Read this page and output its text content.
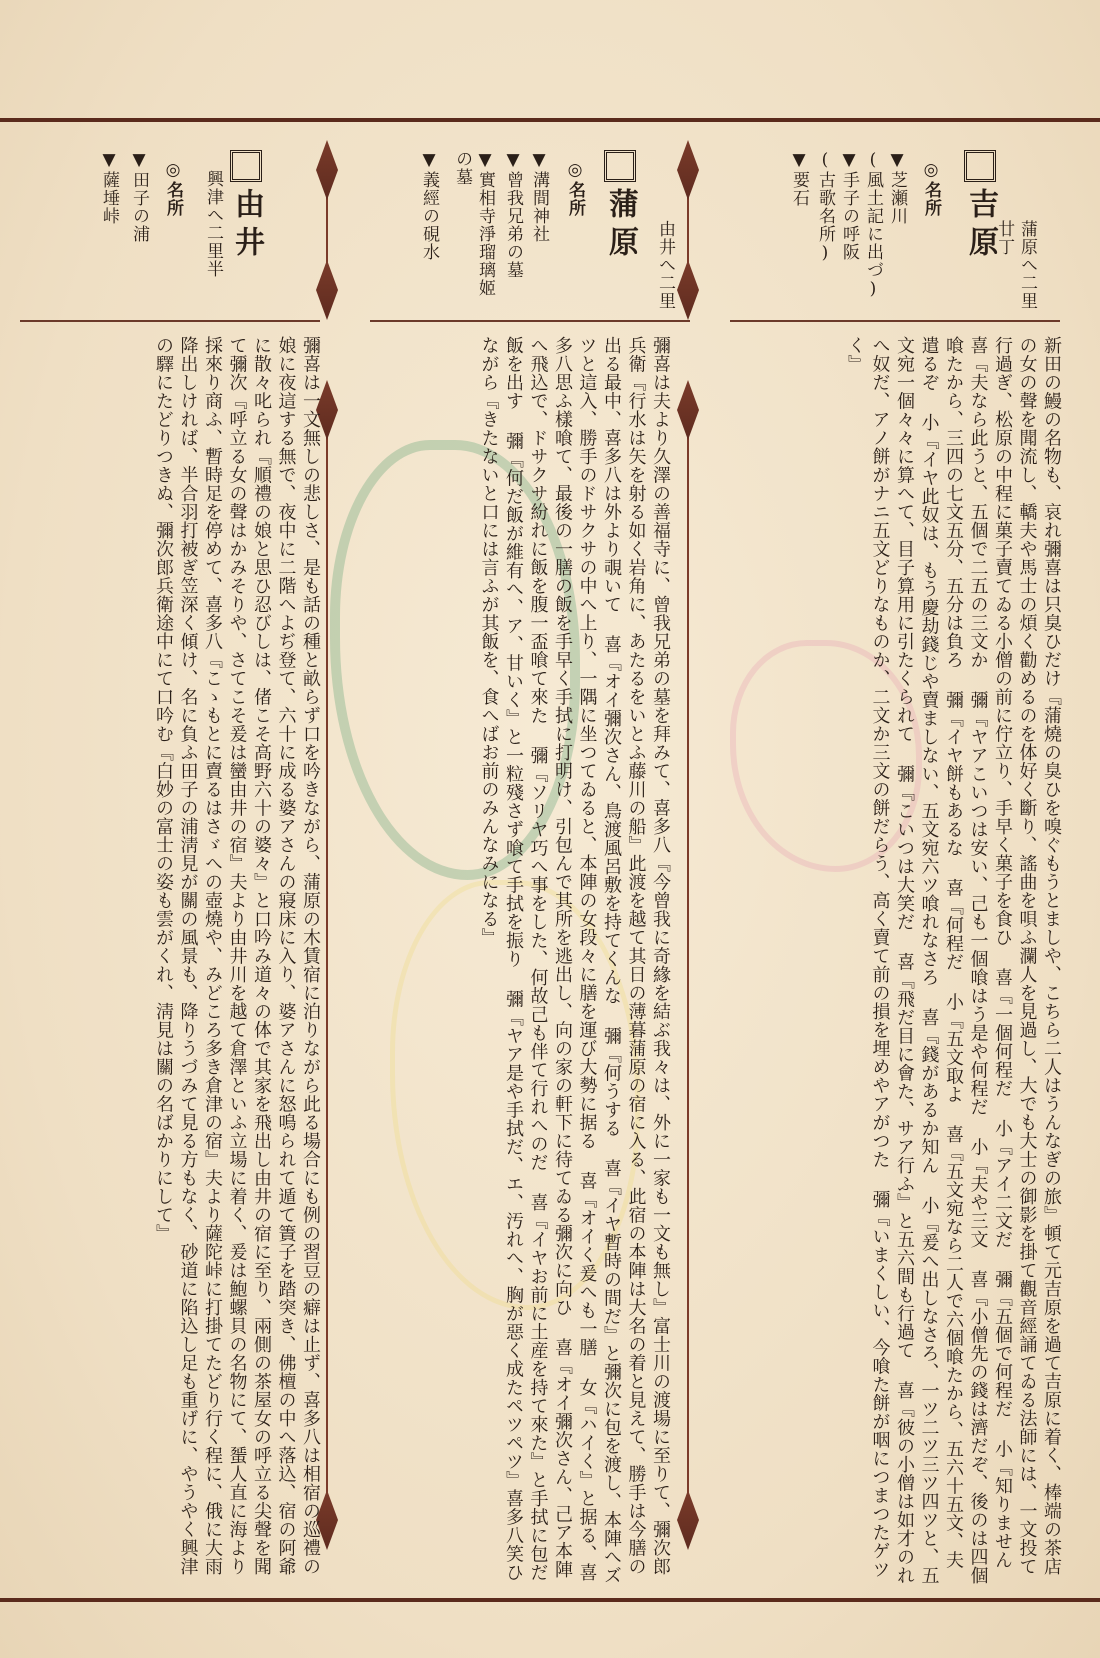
吉原	蒲原へ二里廿丁
◎名所
▼芝瀬川
(風土記に出づ)
▼手子の呼阪
(古歌名所)
▼要石

新田の鰻の名物も、哀れ彌喜は只臭ひだけ『蒲燒の臭ひを嗅ぐもうとましや、こちら二人はうんなぎの旅』頓て元吉原を過て吉原に着く、棒端の茶店の女の聲を聞流し、轎夫や馬士の煩く勸めるのを体好く斷り、謠曲を唄ふ瀾人を見過し、大でも大士の御影を掛て觀音經誦てゐる法師には、一文投て行過ぎ、松原の中程に菓子賣てゐる小僧の前に佇立り、手早く菓子を食ひ 喜『一個何程だ 小『アイ二文だ 彌『五個で何程だ 小『知りません 喜『夫なら此うと、五個で二五の三文か 彌『ヤアこいつは安い、己も一個喰はう是や何程だ 小『夫や三文 喜『小僧先の錢は濟だぞ、後のは四個喰たから、三四の七文五分、五分は負ろ 彌『イヤ餅もあるな 喜『何程だ 小『五文取よ 喜『五文宛なら二人で六個喰たから、五六十五文、夫遣るぞ 小『イヤ此奴は、もう慶劫錢じや賣ましない、五文宛六ツ喰れなさろ 喜『錢があるか知ん 小『爰へ出しなさろ、一ツ二ツ三ツ四ツと、五文宛一個々々に算へて、目子算用に引たくられて 彌『こいつは大笑だ 喜『飛だ目に會た、サア行ふ』と五六間も行過て 喜『彼の小僧は如才のれへ奴だ、アノ餅がナニ五文どりなものか、二文か三文の餅だらう、高く賣て前の損を埋めやアがつた 彌『いまくしい、今喰た餅が咽につまつたゲツく』

蒲原 由井へ二里
◎名所
▼溝間神社
▼曾我兄弟の墓
▼實相寺淨瑠璃姬の墓
▼義經の硯水

彌喜は夫より久澤の善福寺に、曾我兄弟の墓を拜みて、喜多八『今曾我に奇緣を結ぶ我々は、外に一家も一文も無し』富士川の渡場に至りて、彌次郎兵衛『行水は矢を射る如く岩角に、あたるをいとふ藤川の船』此渡を越て其日の薄暮蒲原の宿に入る、此宿の本陣は大名の着と見えて、勝手は今膳の出る最中、喜多八は外より覗いて 喜『オイ彌次さん、鳥渡風呂敷を持てくんな 彌『何うする 喜『イヤ暫時の間だ』と彌次に包を渡し、本陣へズツと這入、勝手のドサクサの中へ上り、一隅に坐つてゐると、本陣の女段々に膳を運び大勢に据る 喜『オイく爰へも一膳 女『ハイく』と据る、喜多八思ふ樣喰て、最後の一膳の飯を手早く手拭に打明け、引包んで其所を逃出し、向の家の軒下に待てゐる彌次に向ひ 喜『オイ彌次さん、己ア本陣へ飛込で、ドサクサ紛れに飯を腹一盃喰て來た 彌『ソリヤ巧へ事をした、何故己も伴て行れへのだ 喜『イヤお前に土産を持て來た』と手拭に包だ飯を出す 彌『何だ飯が維有へ、ア、甘いく』と一粒殘さず喰て手拭を振り 彌『ヤア是や手拭だ、エ、汚れへ、胸が惡く成たペツペツ』喜多八笑ひながら『きたないと口には言ふが其飯を、食へばお前のみんなみになる』

由井
興津へ二里半
◎名所
▼田子の浦
▼薩埵峠

彌喜は一文無しの悲しさ、是も話の種と畝らず口を吟きながら、蒲原の木賃宿に泊りながら此る場合にも例の習豆の癖は止ず、喜多八は相宿の巡禮の娘に夜這する無で、夜中に二階へよぢ登て、六十に成る婆アさんの寢床に入り、婆アさんに怒鳴られて遁て簀子を踏突き、佛檀の中へ落込、宿の阿爺に散々叱られ『順禮の娘と思ひ忍びしは、偖こそ高野六十の婆々』と口吟み道々の体で其家を飛出し由井の宿に至り、兩側の茶屋女の呼立る尖聲を聞て彌次『呼立る女の聲はかみそりや、さてこそ爰は蠻由井の宿』夫より由井川を越て倉澤といふ立場に着く、爰は鮑螺貝の名物にて、蜑人直に海より採來り商ふ、暫時足を停めて、喜多八『こゝもとに賣るはさゞへの壺燒や、みどころ多き倉津の宿』夫より薩陀峠に打掛てたどり行く程に、俄に大雨降出しければ、半合羽打被ぎ笠深く傾け、名に負ふ田子の浦淸見が關の風景も、降りうづみて見る方もなく、砂道に陷込し足も重げに、やうやく興津の驛にたどりつきぬ、彌次郎兵衛途中にて口吟む『白妙の富士の姿も雲がくれ、淸見は關の名ばかりにして』
